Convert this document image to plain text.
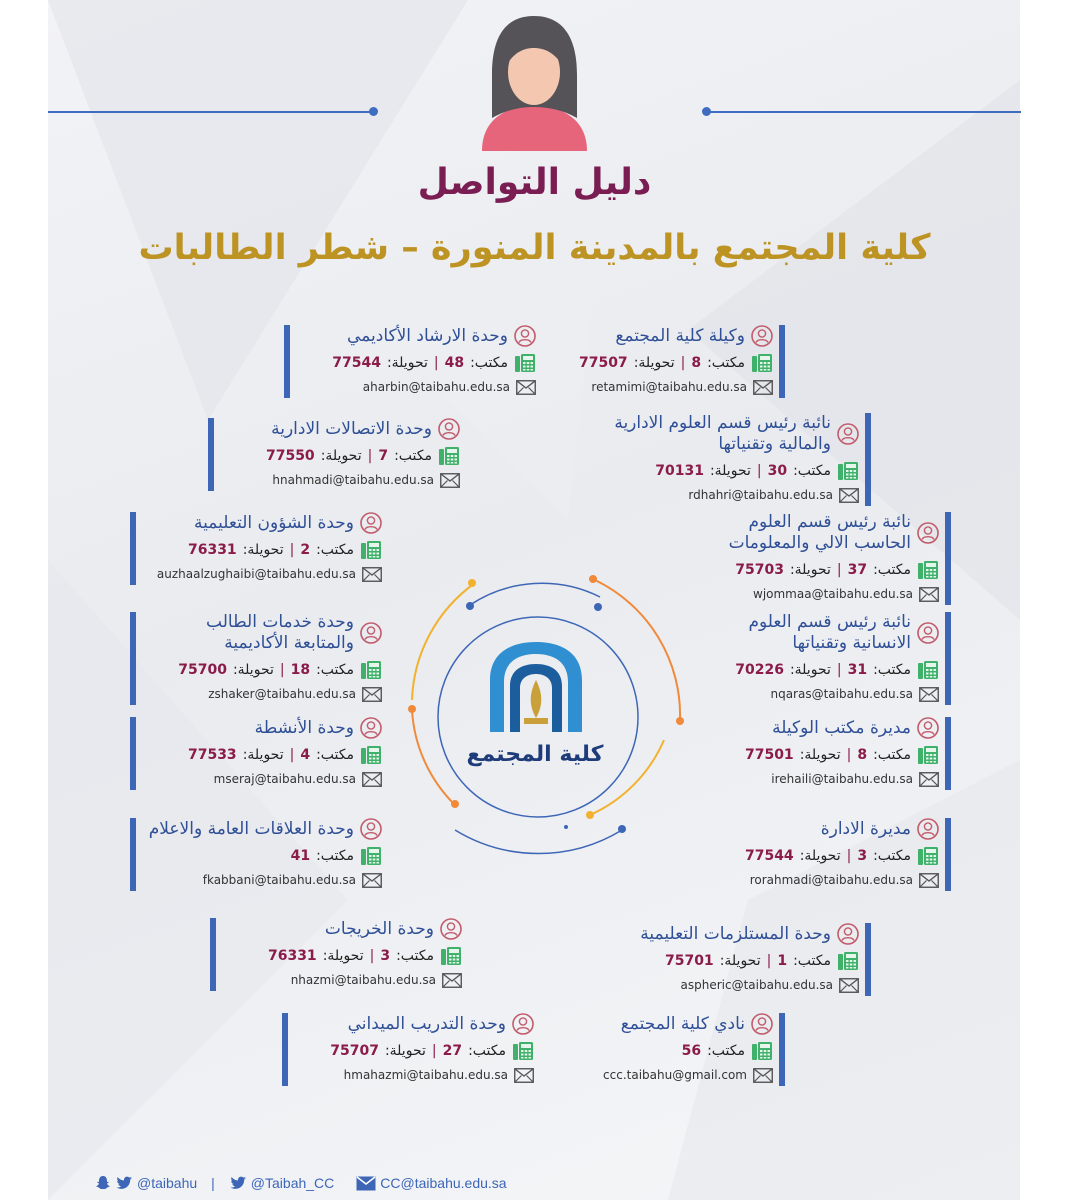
دليل التواصل
كلية المجتمع بالمدينة المنورة – شطر الطالبات
كلية المجتمع
وكيلة كلية المجتمع
مكتب:
8
|
تحويلة:
77507
retamimi@taibahu.edu.sa
نائبة رئيس قسم العلوم الادارية والمالية وتقنياتها
مكتب:
30
|
تحويلة:
70131
rdhahri@taibahu.edu.sa
نائبة رئيس قسم العلوم الحاسب الالي والمعلومات
مكتب:
37
|
تحويلة:
75703
wjommaa@taibahu.edu.sa
نائبة رئيس قسم العلوم الانسانية وتقنياتها
مكتب:
31
|
تحويلة:
70226
nqaras@taibahu.edu.sa
مديرة مكتب الوكيلة
مكتب:
8
|
تحويلة:
77501
irehaili@taibahu.edu.sa
مديرة الادارة
مكتب:
3
|
تحويلة:
77544
rorahmadi@taibahu.edu.sa
وحدة المستلزمات التعليمية
مكتب:
1
|
تحويلة:
75701
aspheric@taibahu.edu.sa
نادي كلية المجتمع
مكتب:
56
ccc.taibahu@gmail.com
وحدة الارشاد الأكاديمي
مكتب:
48
|
تحويلة:
77544
aharbin@taibahu.edu.sa
وحدة الاتصالات الادارية
مكتب:
7
|
تحويلة:
77550
hnahmadi@taibahu.edu.sa
وحدة الشؤون التعليمية
مكتب:
2
|
تحويلة:
76331
auzhaalzughaibi@taibahu.edu.sa
وحدة خدمات الطالب والمتابعة الأكاديمية
مكتب:
18
|
تحويلة:
75700
zshaker@taibahu.edu.sa
وحدة الأنشطة
مكتب:
4
|
تحويلة:
77533
mseraj@taibahu.edu.sa
وحدة العلاقات العامة والاعلام
مكتب:
41
fkabbani@taibahu.edu.sa
وحدة الخريجات
مكتب:
3
|
تحويلة:
76331
nhazmi@taibahu.edu.sa
وحدة التدريب الميداني
مكتب:
27
|
تحويلة:
75707
hmahazmi@taibahu.edu.sa
@taibahu |	@Taibah_CC	CC@taibahu.edu.sa
